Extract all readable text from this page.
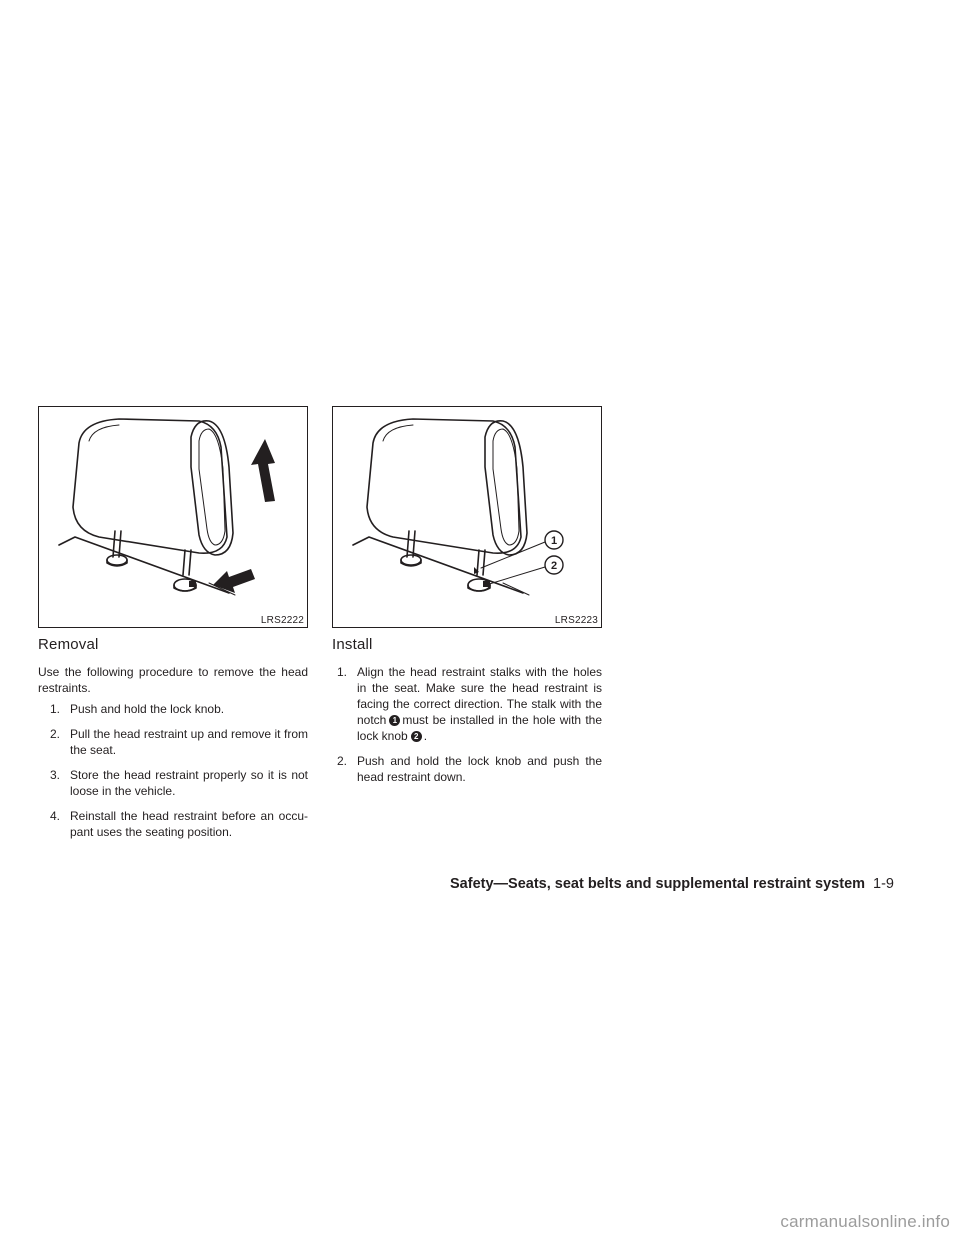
LRS2222
1
2
LRS2223
Removal

Use the following procedure to remove the head restraints.

1. Push and hold the lock knob.
2. Pull the head restraint up and remove it from the seat.
3. Store the head restraint properly so it is not loose in the vehicle.
4. Reinstall the head restraint before an occu-pant uses the seating position.
Install
1. Align the head restraint stalks with the holes in the seat. Make sure the head restraint is facing the correct direction. The stalk with the notch 1 must be installed in the hole with the lock knob 2 .
2. Push and hold the lock knob and push the head restraint down.
Safety—Seats, seat belts and supplemental restraint system 1-9
carmanualsonline.info
